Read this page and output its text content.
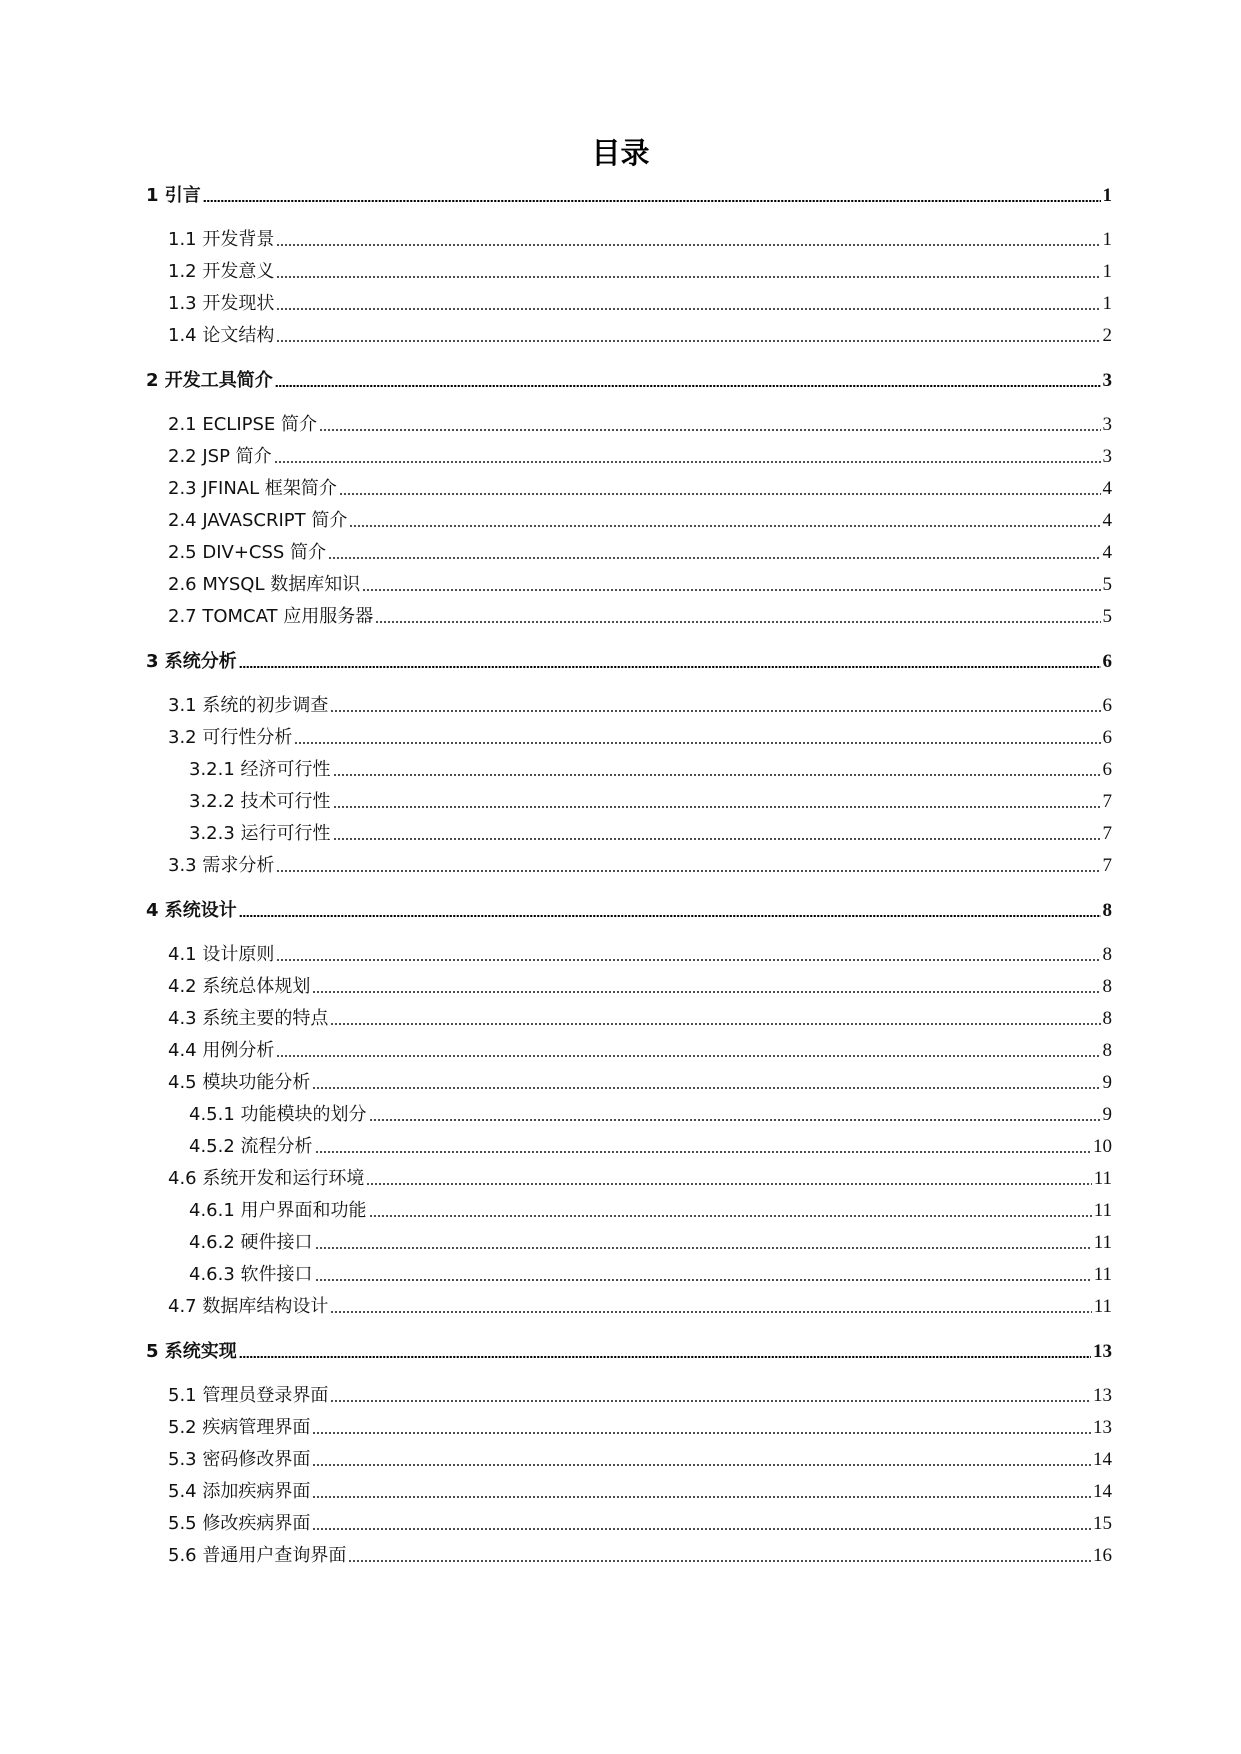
目录
1 引言	1
1.1 开发背景	1
1.2 开发意义	1
1.3 开发现状	1
1.4 论文结构	2
2 开发工具简介	3
2.1 ECLIPSE 简介	3
2.2 JSP 简介	3
2.3 JFINAL 框架简介	4
2.4 JAVASCRIPT 简介	4
2.5 DIV+CSS 简介	4
2.6 MYSQL 数据库知识	5
2.7 TOMCAT 应用服务器	5
3 系统分析	6
3.1 系统的初步调查	6
3.2 可行性分析	6
3.2.1 经济可行性	6
3.2.2 技术可行性	7
3.2.3 运行可行性	7
3.3 需求分析	7
4 系统设计	8
4.1 设计原则	8
4.2 系统总体规划	8
4.3 系统主要的特点	8
4.4 用例分析	8
4.5 模块功能分析	9
4.5.1 功能模块的划分	9
4.5.2 流程分析	10
4.6 系统开发和运行环境	11
4.6.1 用户界面和功能	11
4.6.2 硬件接口	11
4.6.3 软件接口	11
4.7 数据库结构设计	11
5 系统实现	13
5.1 管理员登录界面	13
5.2 疾病管理界面	13
5.3 密码修改界面	14
5.4 添加疾病界面	14
5.5 修改疾病界面	15
5.6 普通用户查询界面	16
